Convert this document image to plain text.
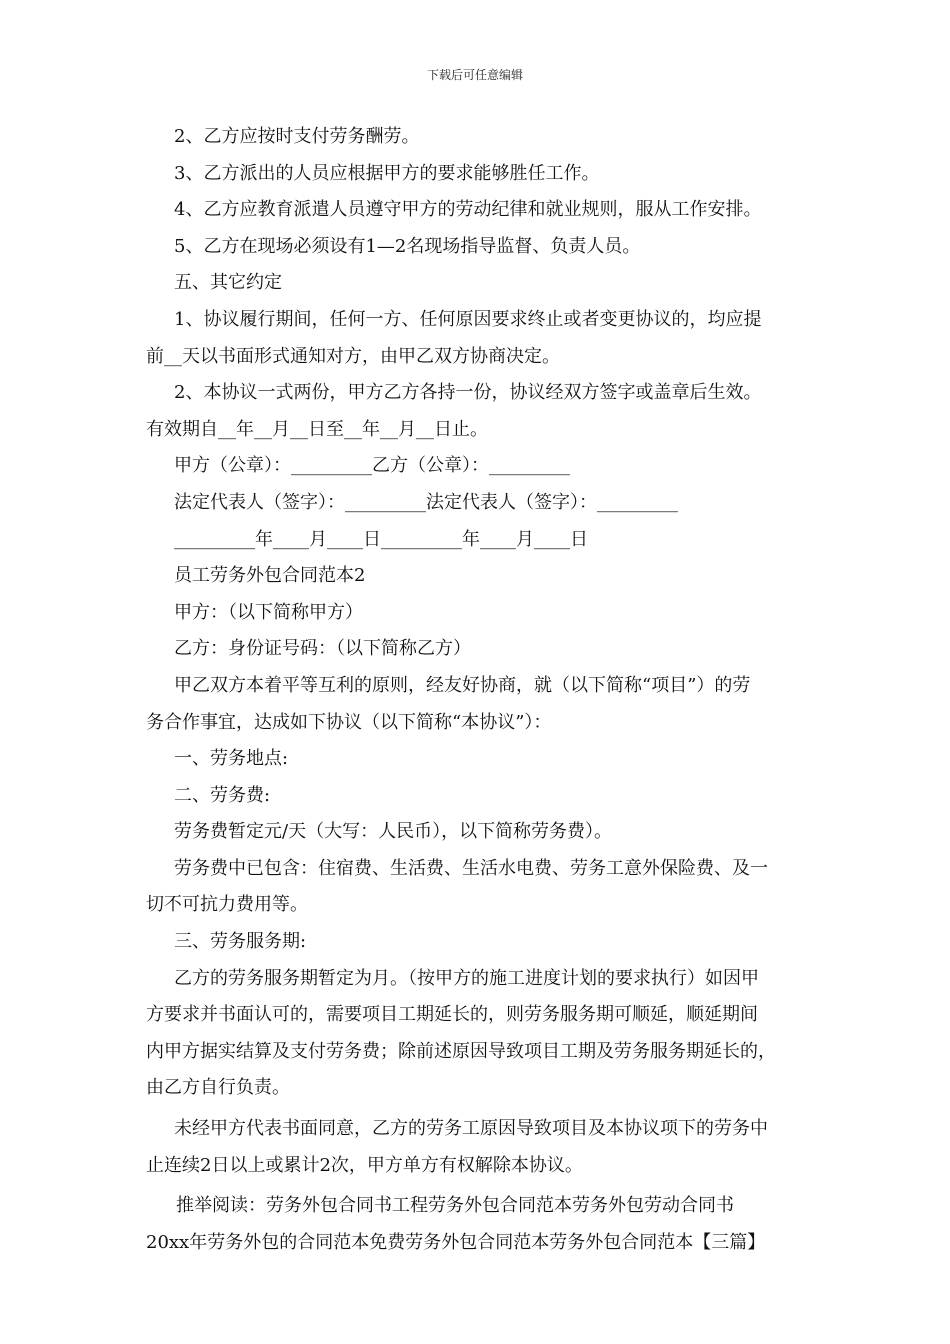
下载后可任意编辑

2、乙方应按时支付劳务酬劳。

3、乙方派出的人员应根据甲方的要求能够胜任工作。

4、乙方应教育派遣人员遵守甲方的劳动纪律和就业规则，服从工作安排。

5、乙方在现场必须设有1—2名现场指导监督、负责人员。

五、其它约定

1、协议履行期间，任何一方、任何原因要求终止或者变更协议的，均应提

前__天以书面形式通知对方，由甲乙双方协商决定。

2、本协议一式两份，甲方乙方各持一份，协议经双方签字或盖章后生效。

有效期自__年__月__日至__年__月__日止。

甲方（公章）：_________乙方（公章）：_________

法定代表人（签字）：_________法定代表人（签字）：_________

_________年____月____日_________年____月____日

员工劳务外包合同范本2

甲方：（以下简称甲方）

乙方：身份证号码：（以下简称乙方）

甲乙双方本着平等互利的原则，经友好协商，就（以下简称“项目”）的劳

务合作事宜，达成如下协议（以下简称“本协议”）：

一、劳务地点:

二、劳务费:

劳务费暂定元/天（大写：人民币），以下简称劳务费）。

劳务费中已包含：住宿费、生活费、生活水电费、劳务工意外保险费、及一

切不可抗力费用等。

三、劳务服务期:

乙方的劳务服务期暂定为月。（按甲方的施工进度计划的要求执行）如因甲

方要求并书面认可的，需要项目工期延长的，则劳务服务期可顺延，顺延期间

内甲方据实结算及支付劳务费；除前述原因导致项目工期及劳务服务期延长的，

由乙方自行负责。

未经甲方代表书面同意，乙方的劳务工原因导致项目及本协议项下的劳务中

止连续2日以上或累计2次，甲方单方有权解除本协议。

推举阅读：劳务外包合同书工程劳务外包合同范本劳务外包劳动合同书

20xx年劳务外包的合同范本免费劳务外包合同范本劳务外包合同范本【三篇】
